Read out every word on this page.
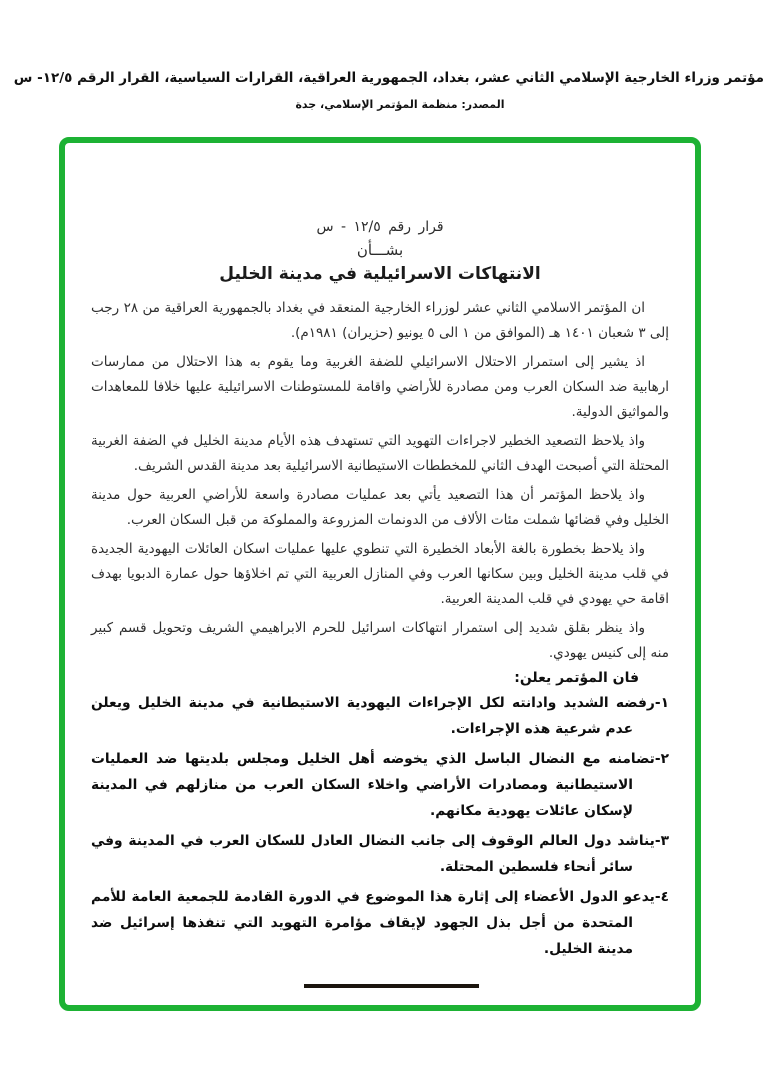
مؤتمر وزراء الخارجية الإسلامي الثاني عشر، بغداد، الجمهورية العراقية، القرارات السياسية، القرار الرقم ١٢/٥- س
المصدر: منظمة المؤتمر الإسلامي، جدة
قرار رقم ١٢/٥ - س
بشـــأن
الانتهاكات الاسرائيلية في مدينة الخليل

ان المؤتمر الاسلامي الثاني عشر لوزراء الخارجية المنعقد في بغداد بالجمهورية العراقية من ٢٨ رجب إلى ٣ شعبان ١٤٠١ هـ (الموافق من ١ الى ٥ يونيو (حزيران) ١٩٨١م).

اذ يشير إلى استمرار الاحتلال الاسرائيلي للضفة الغربية وما يقوم به هذا الاحتلال من ممارسات ارهابية ضد السكان العرب ومن مصادرة للأراضي واقامة للمستوطنات الاسرائيلية عليها خلافا للمعاهدات والمواثيق الدولية.

واذ يلاحظ التصعيد الخطير لاجراءات التهويد التي تستهدف هذه الأيام مدينة الخليل في الضفة الغربية المحتلة التي أصبحت الهدف الثاني للمخططات الاستيطانية الاسرائيلية بعد مدينة القدس الشريف.

واذ يلاحظ المؤتمر أن هذا التصعيد يأتي بعد عمليات مصادرة واسعة للأراضي العربية حول مدينة الخليل وفي قضائها شملت مئات الألاف من الدونمات المزروعة والمملوكة من قبل السكان العرب.

واذ يلاحظ بخطورة بالغة الأبعاد الخطيرة التي تنطوي عليها عمليات اسكان العائلات اليهودية الجديدة في قلب مدينة الخليل وبين سكانها العرب وفي المنازل العربية التي تم اخلاؤها حول عمارة الدبويا بهدف اقامة حي يهودي في قلب المدينة العربية.

واذ ينظر بقلق شديد إلى استمرار انتهاكات اسرائيل للحرم الابراهيمي الشريف وتحويل قسم كبير منه إلى كنيس يهودي.

فان المؤتمر يعلن:

١-رفضه الشديد وادانته لكل الإجراءات اليهودية الاستيطانية في مدينة الخليل ويعلن عدم شرعية هذه الإجراءات.

٢-تضامنه مع النضال الباسل الذي يخوضه أهل الخليل ومجلس بلديتها ضد العمليات الاستيطانية ومصادرات الأراضي واخلاء السكان العرب من منازلهم في المدينة لإسكان عائلات يهودية مكانهم.

٣-يناشد دول العالم الوقوف إلى جانب النضال العادل للسكان العرب في المدينة وفي سائر أنحاء فلسطين المحتلة.

٤-يدعو الدول الأعضاء إلى إثارة هذا الموضوع في الدورة القادمة للجمعية العامة للأمم المتحدة من أجل بذل الجهود لإيقاف مؤامرة التهويد التي تنفذها إسرائيل ضد مدينة الخليل.
